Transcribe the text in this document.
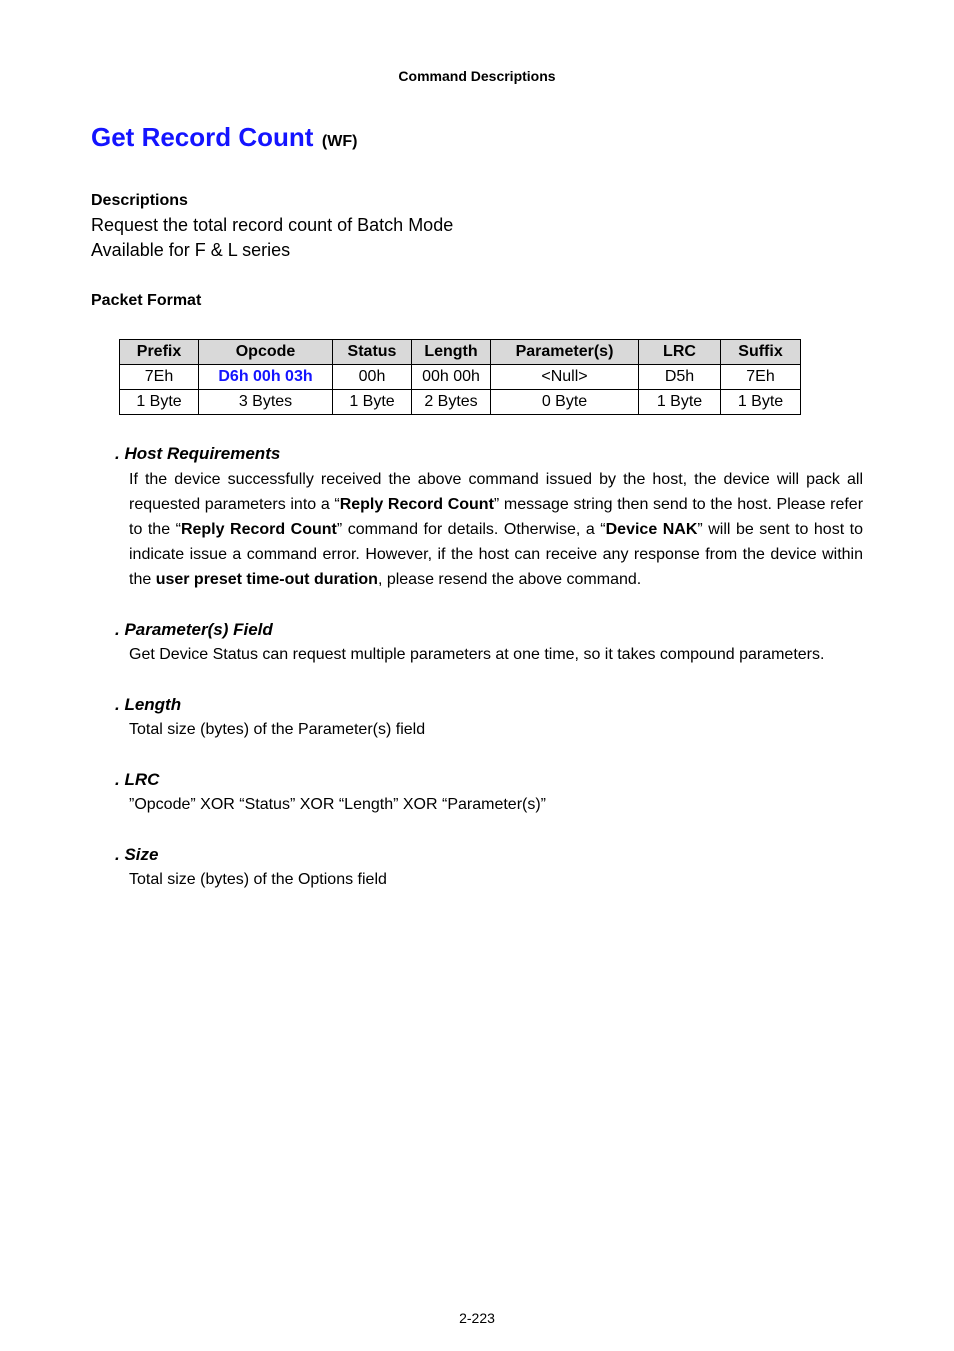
Command Descriptions
Get Record Count (WF)
Descriptions
Request the total record count of Batch Mode
Available for F & L series
Packet Format
Prefix	Opcode	Status	Length	Parameter(s)	LRC	Suffix
7Eh	D6h 00h 03h	00h	00h 00h	<Null>	D5h	7Eh
1 Byte	3 Bytes	1 Byte	2 Bytes	0 Byte	1 Byte	1 Byte
. Host Requirements
If the device successfully received the above command issued by the host, the device will pack all requested parameters into a “Reply Record Count” message string then send to the host. Please refer to the “Reply Record Count” command for details. Otherwise, a “Device NAK” will be sent to host to indicate issue a command error. However, if the host can receive any response from the device within the user preset time-out duration, please resend the above command.
. Parameter(s) Field
Get Device Status can request multiple parameters at one time, so it takes compound parameters.
. Length
Total size (bytes) of the Parameter(s) field
. LRC
”Opcode” XOR “Status” XOR “Length” XOR “Parameter(s)”
. Size
Total size (bytes) of the Options field
2-223
